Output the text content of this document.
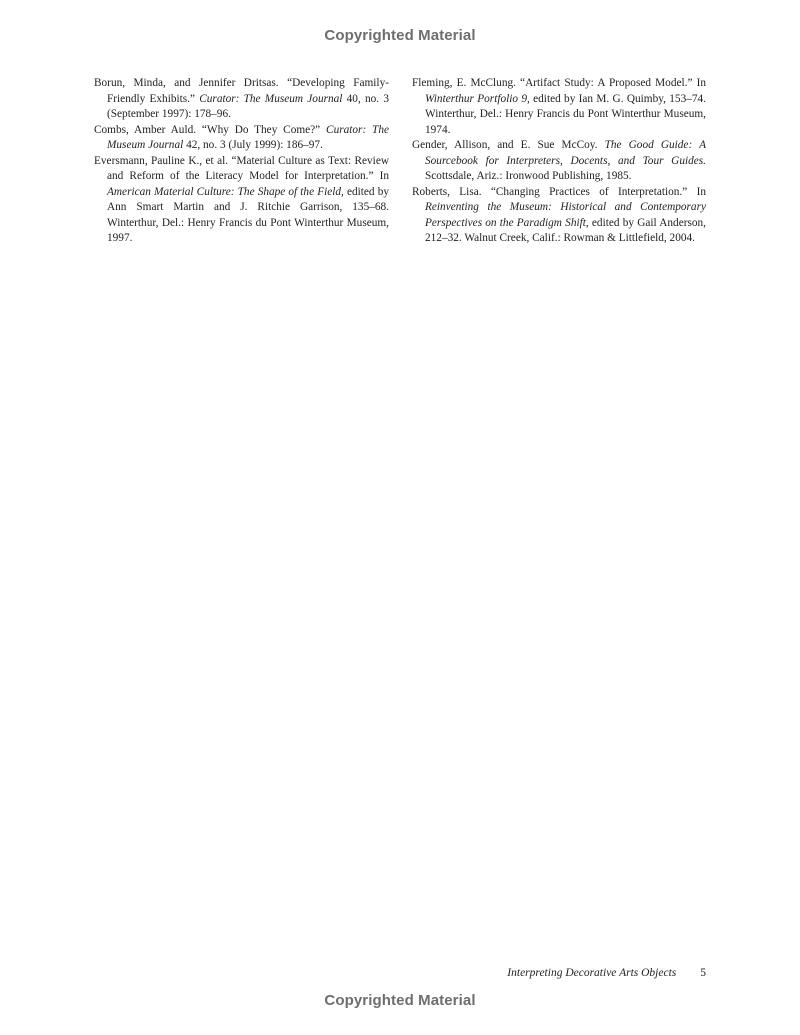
Copyrighted Material

Borun, Minda, and Jennifer Dritsas. “Developing Family-Friendly Exhibits.” Curator: The Museum Journal 40, no. 3 (September 1997): 178–96.

Combs, Amber Auld. “Why Do They Come?” Curator: The Museum Journal 42, no. 3 (July 1999): 186–97.

Eversmann, Pauline K., et al. “Material Culture as Text: Review and Reform of the Literacy Model for Interpretation.” In American Material Culture: The Shape of the Field, edited by Ann Smart Martin and J. Ritchie Garrison, 135–68. Winterthur, Del.: Henry Francis du Pont Winterthur Museum, 1997.

Fleming, E. McClung. “Artifact Study: A Proposed Model.” In Winterthur Portfolio 9, edited by Ian M. G. Quimby, 153–74. Winterthur, Del.: Henry Francis du Pont Winterthur Museum, 1974.

Gender, Allison, and E. Sue McCoy. The Good Guide: A Sourcebook for Interpreters, Docents, and Tour Guides. Scottsdale, Ariz.: Ironwood Publishing, 1985.

Roberts, Lisa. “Changing Practices of Interpretation.” In Reinventing the Museum: Historical and Contemporary Perspectives on the Paradigm Shift, edited by Gail Anderson, 212–32. Walnut Creek, Calif.: Rowman & Littlefield, 2004.

Interpreting Decorative Arts Objects 5
Copyrighted Material
